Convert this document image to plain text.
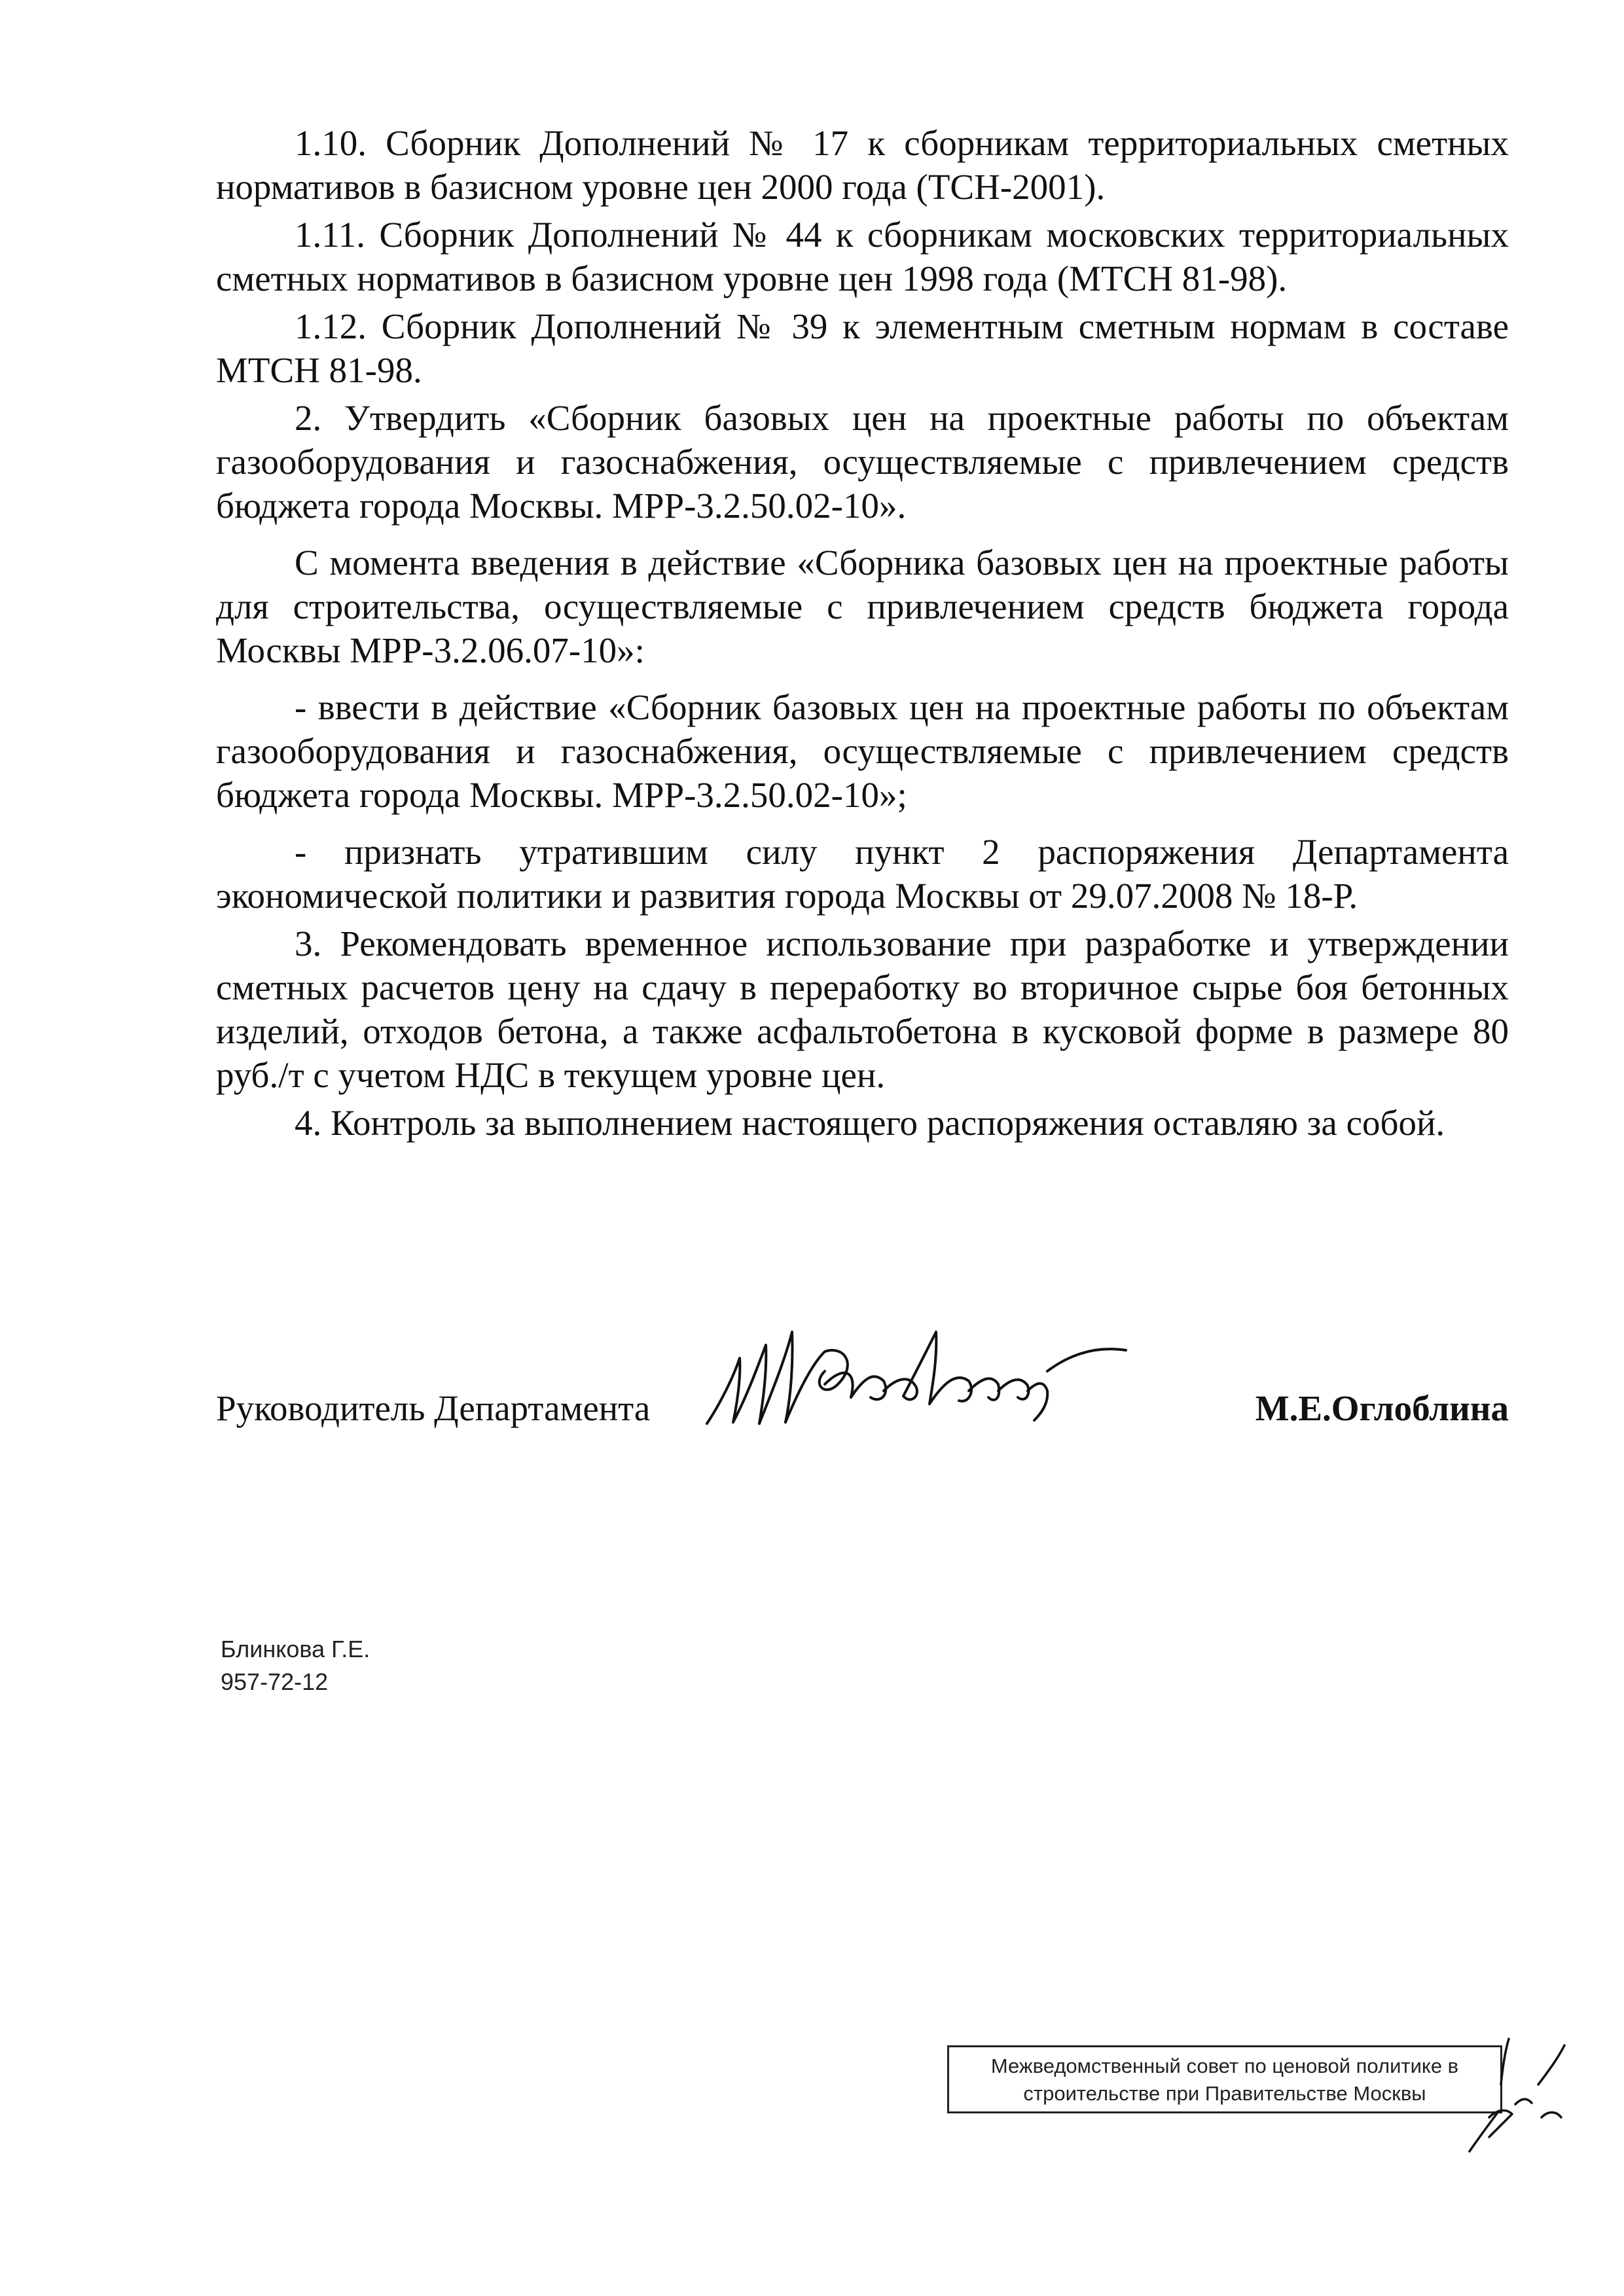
1.10. Сборник Дополнений № 17 к сборникам территориальных сметных нормативов в базисном уровне цен 2000 года (ТСН-2001).

1.11. Сборник Дополнений № 44 к сборникам московских территориальных сметных нормативов в базисном уровне цен 1998 года (МТСН 81-98).

1.12. Сборник Дополнений № 39 к элементным сметным нормам в составе МТСН 81-98.

2. Утвердить «Сборник базовых цен на проектные работы по объектам газооборудования и газоснабжения, осуществляемые с привлечением средств бюджета города Москвы. МРР-3.2.50.02-10».

С момента введения в действие «Сборника базовых цен на проектные работы для строительства, осуществляемые с привлечением средств бюджета города Москвы МРР-3.2.06.07-10»:

- ввести в действие «Сборник базовых цен на проектные работы по объектам газооборудования и газоснабжения, осуществляемые с привлечением средств бюджета города Москвы. МРР-3.2.50.02-10»;

- признать утратившим силу пункт 2 распоряжения Департамента экономической политики и развития города Москвы от 29.07.2008 № 18-Р.

3. Рекомендовать временное использование при разработке и утверждении сметных расчетов цену на сдачу в переработку во вторичное сырье боя бетонных изделий, отходов бетона, а также асфальтобетона в кусковой форме в размере 80 руб./т с учетом НДС в текущем уровне цен.

4. Контроль за выполнением настоящего распоряжения оставляю за собой.

Руководитель Департамента	М.Е.Оглоблина
Блинкова Г.Е.
957-72-12
Межведомственный совет по ценовой политике в
строительстве при Правительстве Москвы
